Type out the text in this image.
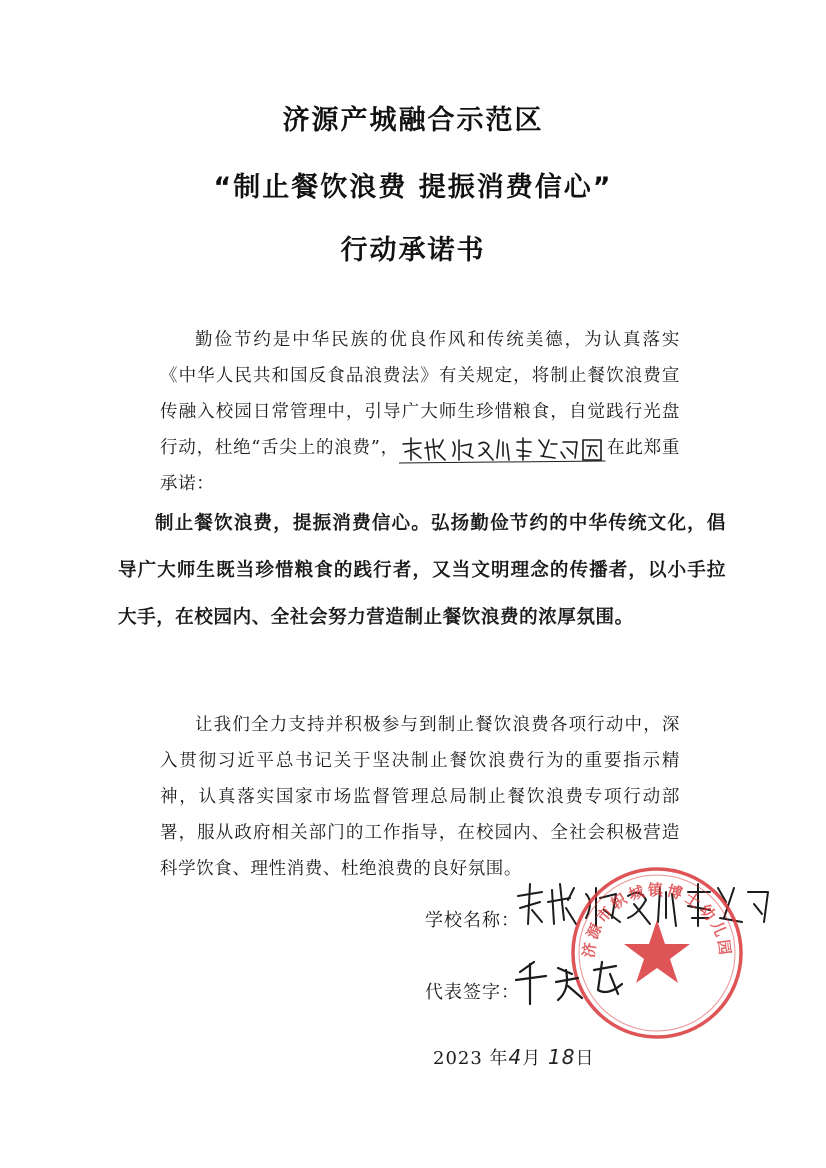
济源产城融合示范区
“制止餐饮浪费 提振消费信心”
行动承诺书
勤俭节约是中华民族的优良作风和传统美德，为认真落实《中华人民共和国反食品浪费法》有关规定，将制止餐饮浪费宣传融入校园日常管理中，引导广大师生珍惜粮食，自觉践行光盘行动，杜绝“舌尖上的浪费”，	在此郑重承诺：
制止餐饮浪费，提振消费信心。弘扬勤俭节约的中华传统文化，倡导广大师生既当珍惜粮食的践行者，又当文明理念的传播者，以小手拉大手，在校园内、全社会努力营造制止餐饮浪费的浓厚氛围。
让我们全力支持并积极参与到制止餐饮浪费各项行动中，深入贯彻习近平总书记关于坚决制止餐饮浪费行为的重要指示精神，认真落实国家市场监督管理总局制止餐饮浪费专项行动部署，服从政府相关部门的工作指导，在校园内、全社会积极营造科学饮食、理性消费、杜绝浪费的良好氛围。
学校名称：
济源市轵城镇博士幼儿园
代表签字：
2023 年4月 18日
